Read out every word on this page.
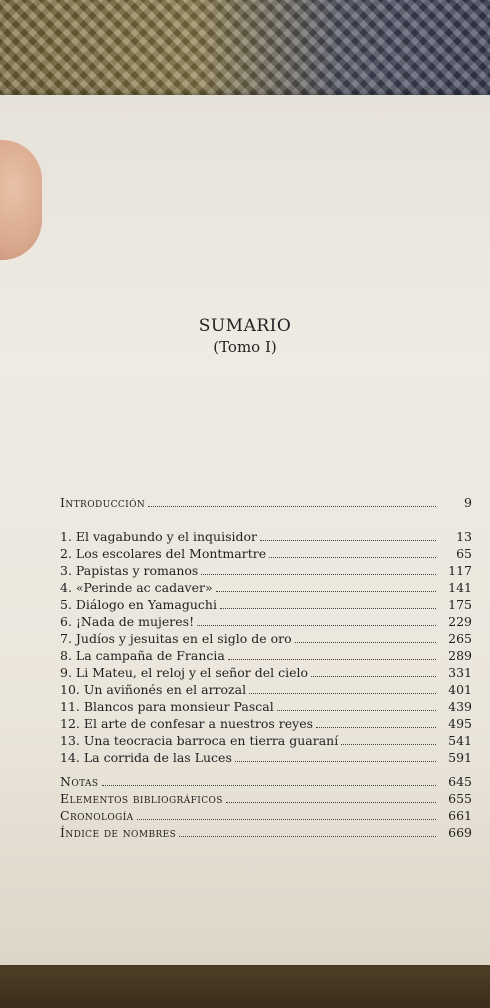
SUMARIO
(Tomo I)
Introducción	9
1. El vagabundo y el inquisidor	13
2. Los escolares del Montmartre	65
3. Papistas y romanos	117
4. «Perinde ac cadaver»	141
5. Diálogo en Yamaguchi	175
6. ¡Nada de mujeres!	229
7. Judíos y jesuitas en el siglo de oro	265
8. La campaña de Francia	289
9. Li Mateu, el reloj y el señor del cielo	331
10. Un aviñonés en el arrozal	401
11. Blancos para monsieur Pascal	439
12. El arte de confesar a nuestros reyes	495
13. Una teocracia barroca en tierra guaraní	541
14. La corrida de las Luces	591
Notas	645
Elementos bibliográficos	655
Cronología	661
Índice de nombres	669
